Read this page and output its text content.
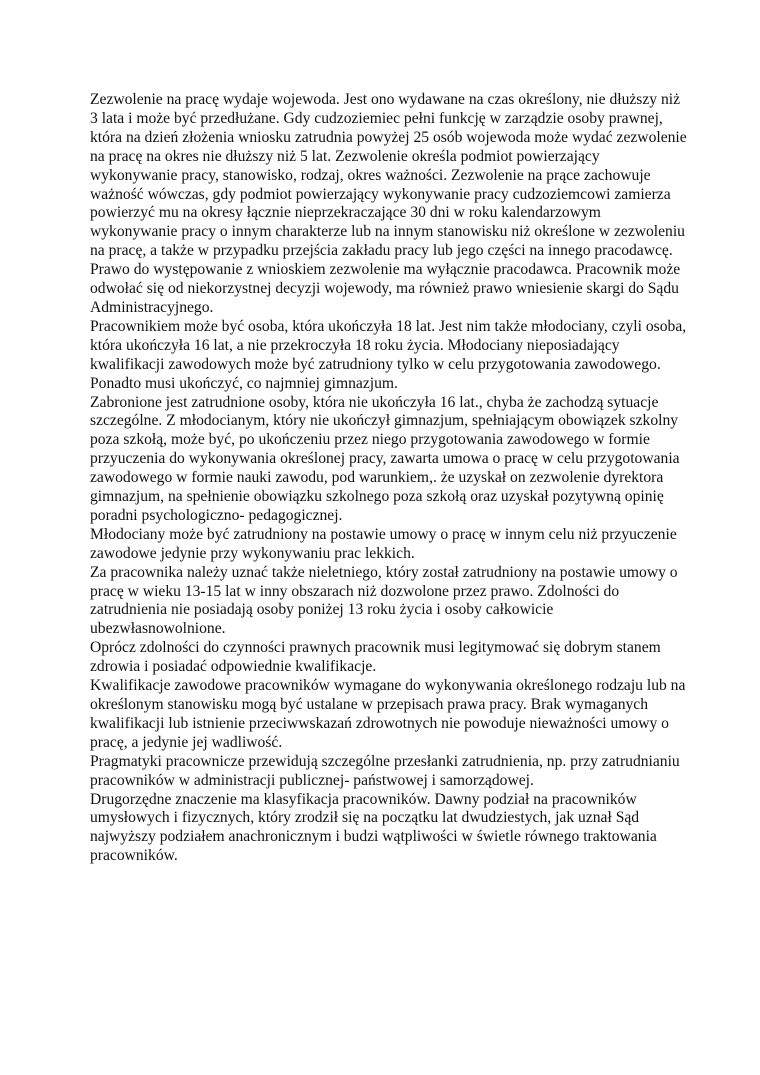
Zezwolenie na pracę wydaje wojewoda. Jest ono wydawane na czas określony, nie dłuższy niż 3 lata i może być przedłużane. Gdy cudzoziemiec pełni funkcję w zarządzie osoby prawnej, która na dzień złożenia wniosku zatrudnia powyżej 25 osób wojewoda może wydać zezwolenie na pracę na okres nie dłuższy niż 5 lat. Zezwolenie określa podmiot powierzający wykonywanie pracy, stanowisko, rodzaj, okres ważności. Zezwolenie na prące zachowuje ważność wówczas, gdy podmiot powierzający wykonywanie pracy cudzoziemcowi zamierza powierzyć mu na okresy łącznie nieprzekraczające 30 dni w roku kalendarzowym wykonywanie pracy o innym charakterze lub na innym stanowisku niż określone w zezwoleniu na pracę, a także w przypadku przejścia zakładu pracy lub jego części na innego pracodawcę.

Prawo do występowanie z wnioskiem zezwolenie ma wyłącznie pracodawca. Pracownik może odwołać się od niekorzystnej decyzji wojewody, ma również prawo wniesienie skargi do Sądu Administracyjnego.

Pracownikiem może być osoba, która ukończyła 18 lat. Jest nim także młodociany, czyli osoba, która ukończyła 16 lat, a nie przekroczyła 18 roku życia. Młodociany nieposiadający kwalifikacji zawodowych może być zatrudniony tylko w celu przygotowania zawodowego. Ponadto musi ukończyć, co najmniej gimnazjum.

Zabronione jest zatrudnione osoby, która nie ukończyła 16 lat., chyba że zachodzą sytuacje szczególne. Z młodocianym, który nie ukończył gimnazjum, spełniającym obowiązek szkolny poza szkołą, może być, po ukończeniu przez niego przygotowania zawodowego w formie przyuczenia do wykonywania określonej pracy, zawarta umowa o pracę w celu przygotowania zawodowego w formie nauki zawodu, pod warunkiem,. że uzyskał on zezwolenie dyrektora gimnazjum, na spełnienie obowiązku szkolnego poza szkołą oraz uzyskał pozytywną opinię poradni psychologiczno- pedagogicznej.

Młodociany może być zatrudniony na postawie umowy o pracę w innym celu niż przyuczenie zawodowe jedynie przy wykonywaniu prac lekkich.

Za pracownika należy uznać także nieletniego, który został zatrudniony na postawie umowy o pracę w wieku 13-15 lat w inny obszarach niż dozwolone przez prawo. Zdolności do zatrudnienia nie posiadają osoby poniżej 13 roku życia i osoby całkowicie ubezwłasnowolnione.

Oprócz zdolności do czynności prawnych pracownik musi legitymować się dobrym stanem zdrowia i posiadać odpowiednie kwalifikacje.

Kwalifikacje zawodowe pracowników wymagane do wykonywania określonego rodzaju lub na określonym stanowisku mogą być ustalane w przepisach prawa pracy. Brak wymaganych kwalifikacji lub istnienie przeciwwskazań zdrowotnych nie powoduje nieważności umowy o pracę, a jedynie jej wadliwość.

Pragmatyki pracownicze przewidują szczególne przesłanki zatrudnienia, np. przy zatrudnianiu pracowników w administracji publicznej- państwowej i samorządowej.

Drugorzędne znaczenie ma klasyfikacja pracowników. Dawny podział na pracowników umysłowych i fizycznych, który zrodził się na początku lat dwudziestych, jak uznał Sąd najwyższy podziałem anachronicznym i budzi wątpliwości w świetle równego traktowania pracowników.
